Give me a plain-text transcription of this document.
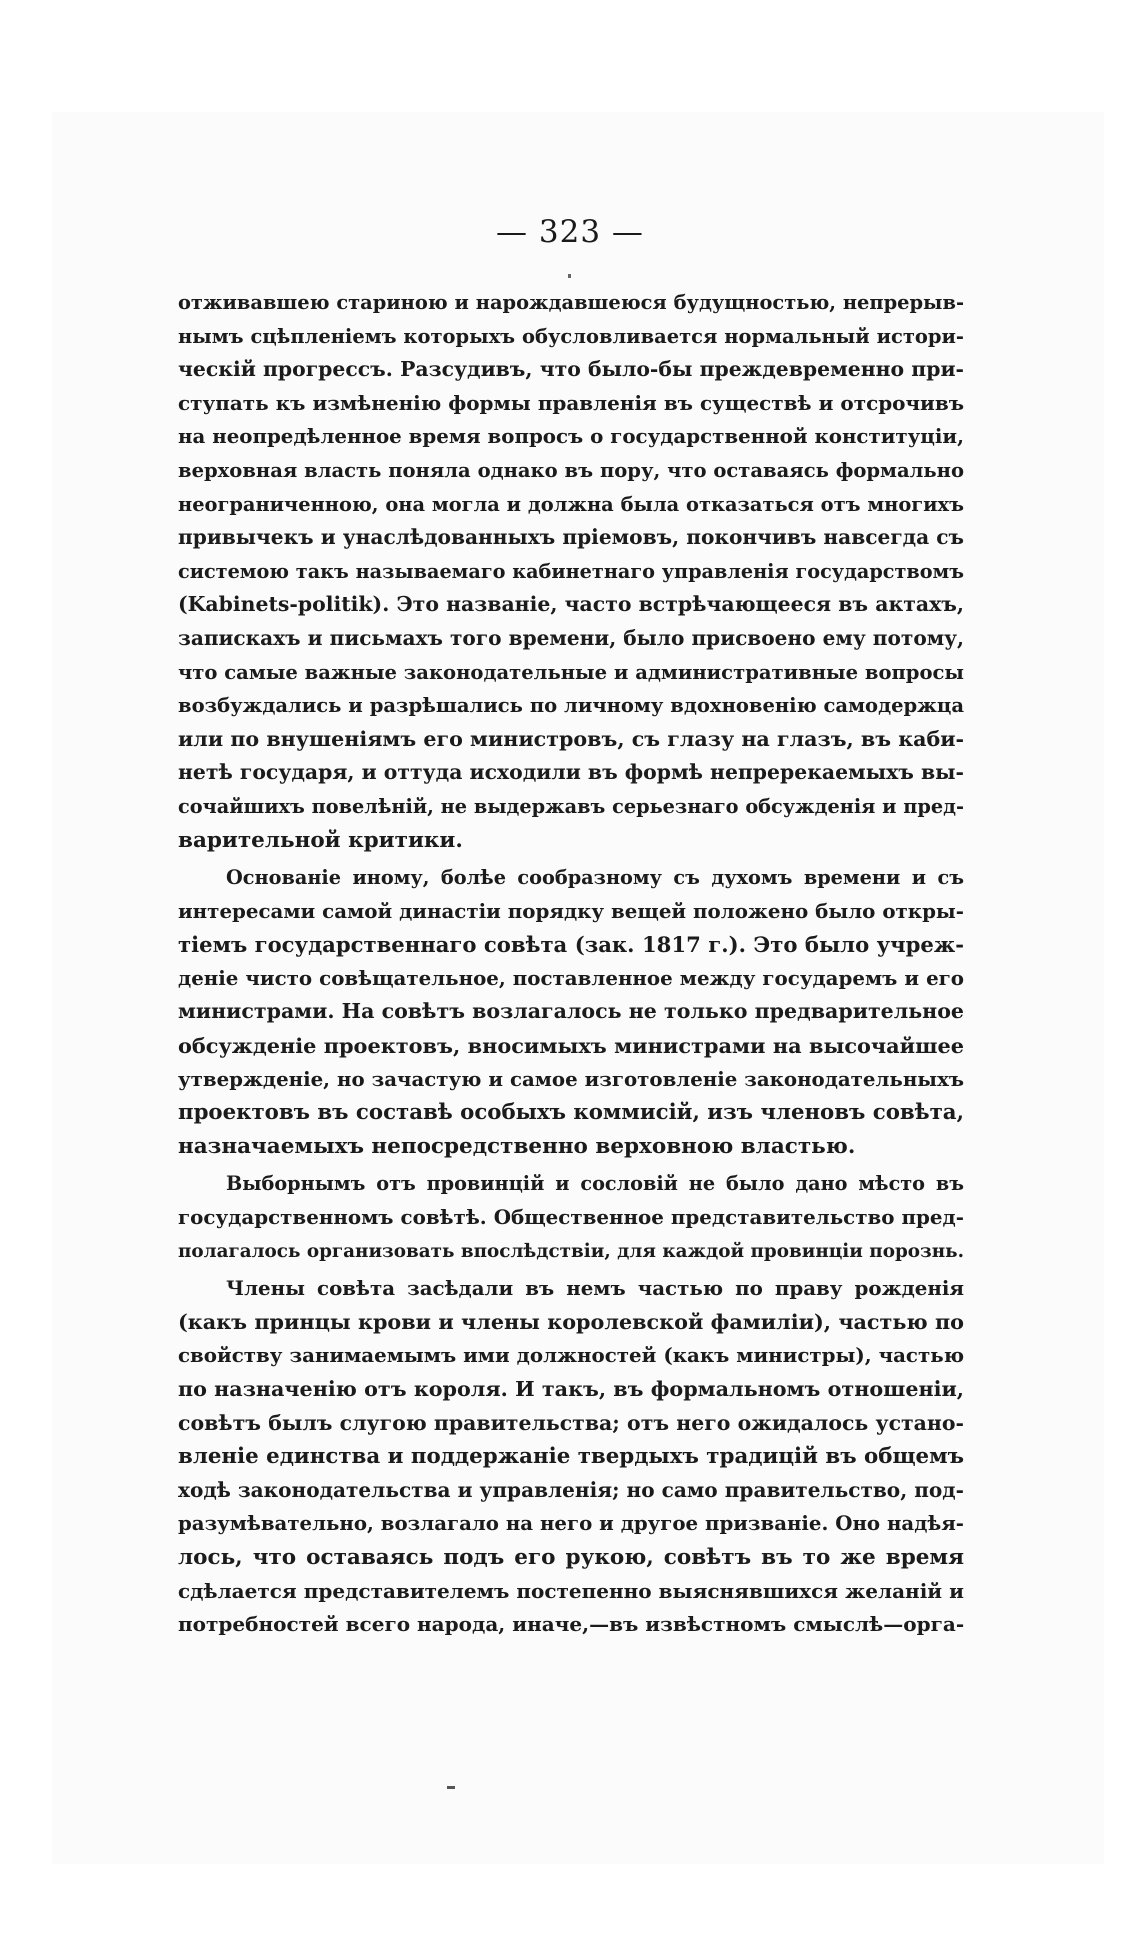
— 323 —

отживавшею стариною и нарождавшеюся будущностью, непрерыв-
нымъ сцѣпленіемъ которыхъ обусловливается нормальный истори-
ческій прогрессъ. Разсудивъ, что было-бы преждевременно при-
ступать къ измѣненію формы правленія въ существѣ и отсрочивъ
на неопредѣленное время вопросъ о государственной конституціи,
верховная власть поняла однако въ пору, что оставаясь формально
неограниченною, она могла и должна была отказаться отъ многихъ
привычекъ и унаслѣдованныхъ пріемовъ, покончивъ навсегда съ
системою такъ называемаго кабинетнаго управленія государствомъ
(Kabinets-politik). Это названіе, часто встрѣчающееся въ актахъ,
запискахъ и письмахъ того времени, было присвоено ему потому,
что самые важные законодательные и административные вопросы
возбуждались и разрѣшались по личному вдохновенію самодержца
или по внушеніямъ его министровъ, съ глазу на глазъ, въ каби-
нетѣ государя, и оттуда исходили въ формѣ непререкаемыхъ вы-
сочайшихъ повелѣній, не выдержавъ серьезнаго обсужденія и пред-
варительной критики.

Основаніе иному, болѣе сообразному съ духомъ времени и съ
интересами самой династіи порядку вещей положено было откры-
тіемъ государственнаго совѣта (зак. 1817 г.). Это было учреж-
деніе чисто совѣщательное, поставленное между государемъ и его
министрами. На совѣтъ возлагалось не только предварительное
обсужденіе проектовъ, вносимыхъ министрами на высочайшее
утвержденіе, но зачастую и самое изготовленіе законодательныхъ
проектовъ въ составѣ особыхъ коммисій, изъ членовъ совѣта,
назначаемыхъ непосредственно верховною властью.

Выборнымъ отъ провинцій и сословій не было дано мѣсто въ
государственномъ совѣтѣ. Общественное представительство пред-
полагалось организовать впослѣдствіи, для каждой провинціи порознь.

Члены совѣта засѣдали въ немъ частью по праву рожденія
(какъ принцы крови и члены королевской фамиліи), частью по
свойству занимаемымъ ими должностей (какъ министры), частью
по назначенію отъ короля. И такъ, въ формальномъ отношеніи,
совѣтъ былъ слугою правительства; отъ него ожидалось устано-
вленіе единства и поддержаніе твердыхъ традицій въ общемъ
ходѣ законодательства и управленія; но само правительство, под-
разумѣвательно, возлагало на него и другое призваніе. Оно надѣя-
лось, что оставаясь подъ его рукою, совѣтъ въ то же время
сдѣлается представителемъ постепенно выяснявшихся желаній и
потребностей всего народа, иначе,—въ извѣстномъ смыслѣ—орга-
